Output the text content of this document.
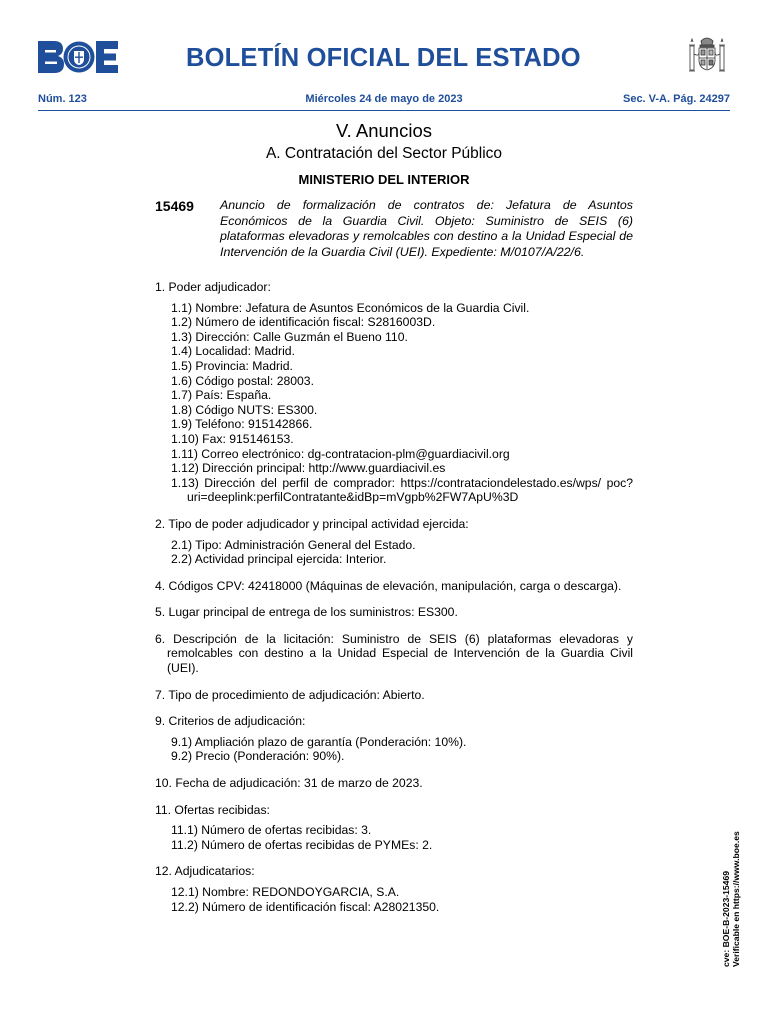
BOLETÍN OFICIAL DEL ESTADO
Núm. 123	Miércoles 24 de mayo de 2023	Sec. V-A. Pág. 24297
V. Anuncios
A. Contratación del Sector Público
MINISTERIO DEL INTERIOR
15469 Anuncio de formalización de contratos de: Jefatura de Asuntos Económicos de la Guardia Civil. Objeto: Suministro de SEIS (6) plataformas elevadoras y remolcables con destino a la Unidad Especial de Intervención de la Guardia Civil (UEI). Expediente: M/0107/A/22/6.
1. Poder adjudicador:
1.1) Nombre: Jefatura de Asuntos Económicos de la Guardia Civil.
1.2) Número de identificación fiscal: S2816003D.
1.3) Dirección: Calle Guzmán el Bueno 110.
1.4) Localidad: Madrid.
1.5) Provincia: Madrid.
1.6) Código postal: 28003.
1.7) País: España.
1.8) Código NUTS: ES300.
1.9) Teléfono: 915142866.
1.10) Fax: 915146153.
1.11) Correo electrónico: dg-contratacion-plm@guardiacivil.org
1.12) Dirección principal: http://www.guardiacivil.es
1.13) Dirección del perfil de comprador: https://contrataciondelestado.es/wps/ poc?uri=deeplink:perfilContratante&idBp=mVgpb%2FW7ApU%3D
2. Tipo de poder adjudicador y principal actividad ejercida:
2.1) Tipo: Administración General del Estado.
2.2) Actividad principal ejercida: Interior.
4. Códigos CPV: 42418000 (Máquinas de elevación, manipulación, carga o descarga).
5. Lugar principal de entrega de los suministros: ES300.
6. Descripción de la licitación: Suministro de SEIS (6) plataformas elevadoras y remolcables con destino a la Unidad Especial de Intervención de la Guardia Civil (UEI).
7. Tipo de procedimiento de adjudicación: Abierto.
9. Criterios de adjudicación:
9.1) Ampliación plazo de garantía (Ponderación: 10%).
9.2) Precio (Ponderación: 90%).
10. Fecha de adjudicación: 31 de marzo de 2023.
11. Ofertas recibidas:
11.1) Número de ofertas recibidas: 3.
11.2) Número de ofertas recibidas de PYMEs: 2.
12. Adjudicatarios:
12.1) Nombre: REDONDOYGARCIA, S.A.
12.2) Número de identificación fiscal: A28021350.	cve: BOE-B-2023-15469 Verificable en https://www.boe.es
